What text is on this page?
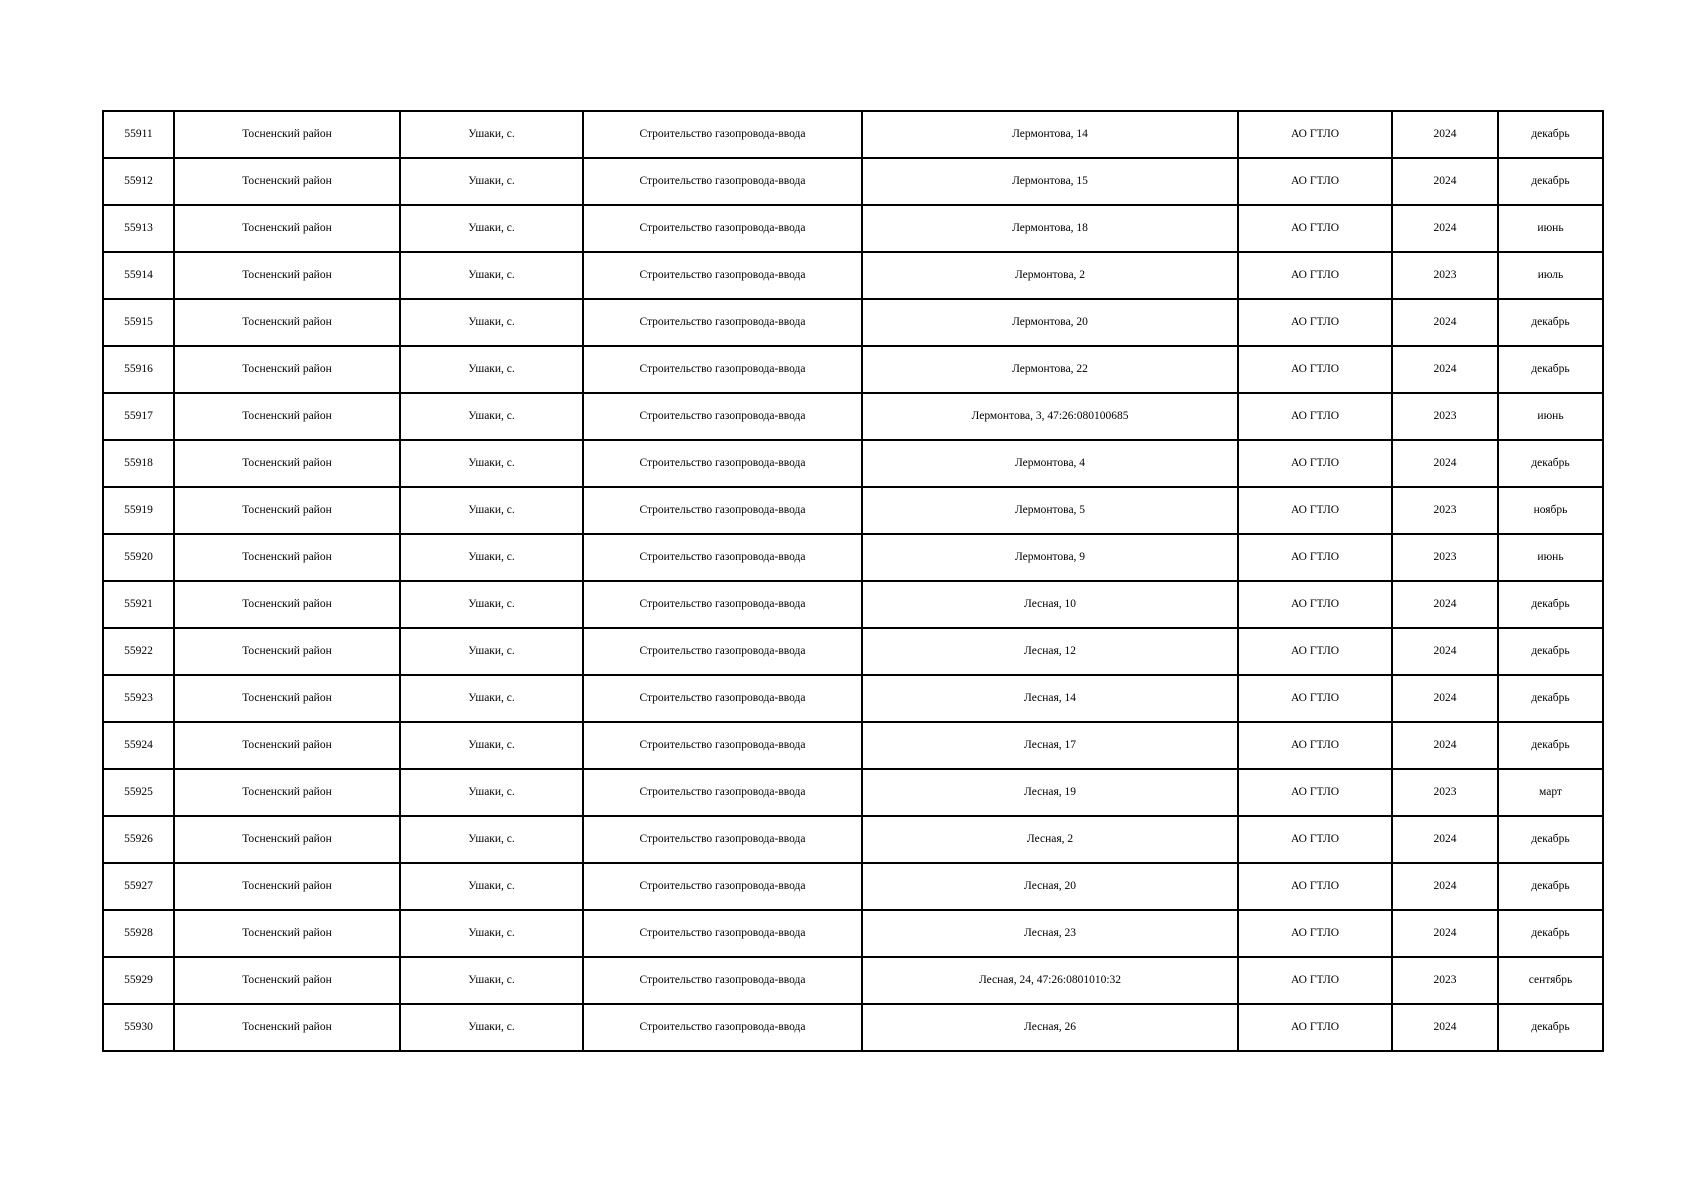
55911	Тосненский район	Ушаки, с.	Строительство газопровода-ввода	Лермонтова, 14	АО ГТЛО	2024	декабрь
55912	Тосненский район	Ушаки, с.	Строительство газопровода-ввода	Лермонтова, 15	АО ГТЛО	2024	декабрь
55913	Тосненский район	Ушаки, с.	Строительство газопровода-ввода	Лермонтова, 18	АО ГТЛО	2024	июнь
55914	Тосненский район	Ушаки, с.	Строительство газопровода-ввода	Лермонтова, 2	АО ГТЛО	2023	июль
55915	Тосненский район	Ушаки, с.	Строительство газопровода-ввода	Лермонтова, 20	АО ГТЛО	2024	декабрь
55916	Тосненский район	Ушаки, с.	Строительство газопровода-ввода	Лермонтова, 22	АО ГТЛО	2024	декабрь
55917	Тосненский район	Ушаки, с.	Строительство газопровода-ввода	Лермонтова, 3, 47:26:080100685	АО ГТЛО	2023	июнь
55918	Тосненский район	Ушаки, с.	Строительство газопровода-ввода	Лермонтова, 4	АО ГТЛО	2024	декабрь
55919	Тосненский район	Ушаки, с.	Строительство газопровода-ввода	Лермонтова, 5	АО ГТЛО	2023	ноябрь
55920	Тосненский район	Ушаки, с.	Строительство газопровода-ввода	Лермонтова, 9	АО ГТЛО	2023	июнь
55921	Тосненский район	Ушаки, с.	Строительство газопровода-ввода	Лесная, 10	АО ГТЛО	2024	декабрь
55922	Тосненский район	Ушаки, с.	Строительство газопровода-ввода	Лесная, 12	АО ГТЛО	2024	декабрь
55923	Тосненский район	Ушаки, с.	Строительство газопровода-ввода	Лесная, 14	АО ГТЛО	2024	декабрь
55924	Тосненский район	Ушаки, с.	Строительство газопровода-ввода	Лесная, 17	АО ГТЛО	2024	декабрь
55925	Тосненский район	Ушаки, с.	Строительство газопровода-ввода	Лесная, 19	АО ГТЛО	2023	март
55926	Тосненский район	Ушаки, с.	Строительство газопровода-ввода	Лесная, 2	АО ГТЛО	2024	декабрь
55927	Тосненский район	Ушаки, с.	Строительство газопровода-ввода	Лесная, 20	АО ГТЛО	2024	декабрь
55928	Тосненский район	Ушаки, с.	Строительство газопровода-ввода	Лесная, 23	АО ГТЛО	2024	декабрь
55929	Тосненский район	Ушаки, с.	Строительство газопровода-ввода	Лесная, 24, 47:26:0801010:32	АО ГТЛО	2023	сентябрь
55930	Тосненский район	Ушаки, с.	Строительство газопровода-ввода	Лесная, 26	АО ГТЛО	2024	декабрь
